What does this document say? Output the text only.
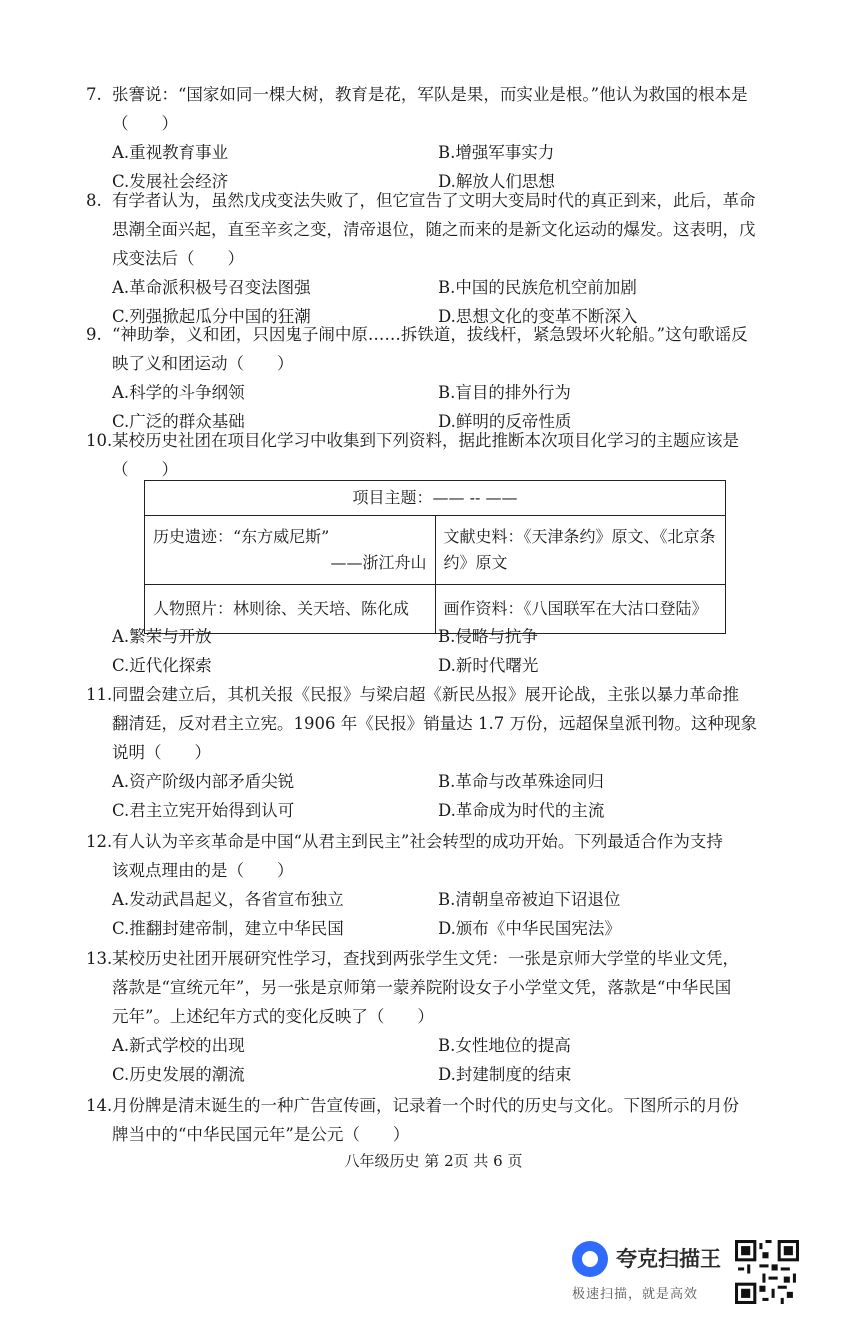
7. 张謇说：“国家如同一棵大树，教育是花，军队是果，而实业是根。”他认为救国的根本是
（　　）
A.重视教育事业	B.增强军事实力
C.发展社会经济	D.解放人们思想
8. 有学者认为，虽然戊戌变法失败了，但它宣告了文明大变局时代的真正到来，此后，革命
思潮全面兴起，直至辛亥之变，清帝退位，随之而来的是新文化运动的爆发。这表明，戊
戌变法后（　　）
A.革命派积极号召变法图强	B.中国的民族危机空前加剧
C.列强掀起瓜分中国的狂潮	D.思想文化的变革不断深入
9. “神助拳，义和团，只因鬼子闹中原……拆铁道，拔线杆，紧急毁坏火轮船。”这句歌谣反
映了义和团运动（　　）
A.科学的斗争纲领	B.盲目的排外行为
C.广泛的群众基础	D.鲜明的反帝性质
10.某校历史社团在项目化学习中收集到下列资料，据此推断本次项目化学习的主题应该是
（　　）
项目主题：—— -- ——	

历史遗迹：“东方威尼斯”
——浙江舟山	文献史料：《天津条约》原文、《北京条约》原文
人物照片：林则徐、关天培、陈化成	画作资料：《八国联军在大沽口登陆》
A.繁荣与开放	B.侵略与抗争
C.近代化探索	D.新时代曙光
11.同盟会建立后，其机关报《民报》与梁启超《新民丛报》展开论战，主张以暴力革命推
翻清廷，反对君主立宪。1906 年《民报》销量达 1.7 万份，远超保皇派刊物。这种现象
说明（　　）
A.资产阶级内部矛盾尖锐	B.革命与改革殊途同归
C.君主立宪开始得到认可	D.革命成为时代的主流
12.有人认为辛亥革命是中国“从君主到民主”社会转型的成功开始。下列最适合作为支持
该观点理由的是（　　）
A.发动武昌起义，各省宣布独立	B.清朝皇帝被迫下诏退位
C.推翻封建帝制，建立中华民国	D.颁布《中华民国宪法》
13.某校历史社团开展研究性学习，查找到两张学生文凭：一张是京师大学堂的毕业文凭，
落款是“宣统元年”，另一张是京师第一蒙养院附设女子小学堂文凭，落款是“中华民国
元年”。上述纪年方式的变化反映了（　　）
A.新式学校的出现	B.女性地位的提高
C.历史发展的潮流	D.封建制度的结束
14.月份牌是清末诞生的一种广告宣传画，记录着一个时代的历史与文化。下图所示的月份
牌当中的“中华民国元年”是公元（　　）
八年级历史 第 2页 共 6 页
夸克扫描王
极速扫描，就是高效
